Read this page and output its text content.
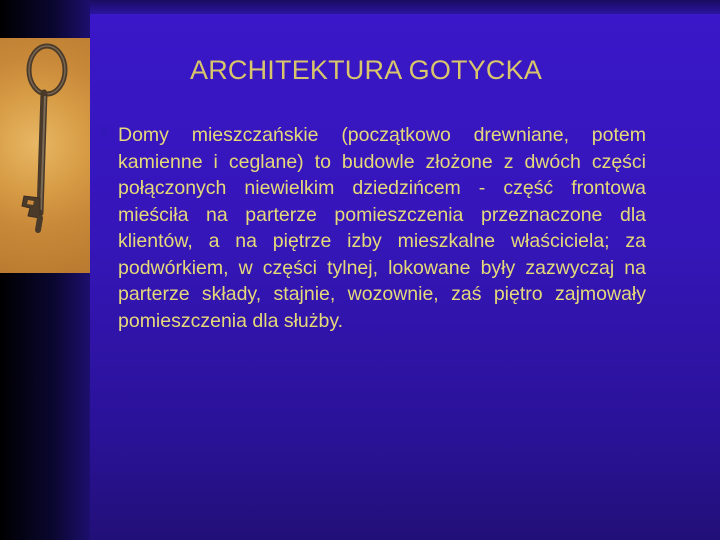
ARCHITEKTURA GOTYCKA
Domy mieszczańskie (początkowo drewniane, potem kamienne i ceglane) to budowle złożone z dwóch części połączonych niewielkim dziedzińcem - część frontowa mieściła na parterze pomieszczenia przeznaczone dla klientów, a na piętrze izby mieszkalne właściciela; za podwórkiem, w części tylnej, lokowane były zazwyczaj na parterze składy, stajnie, wozownie, zaś piętro zajmowały pomieszczenia dla służby.
